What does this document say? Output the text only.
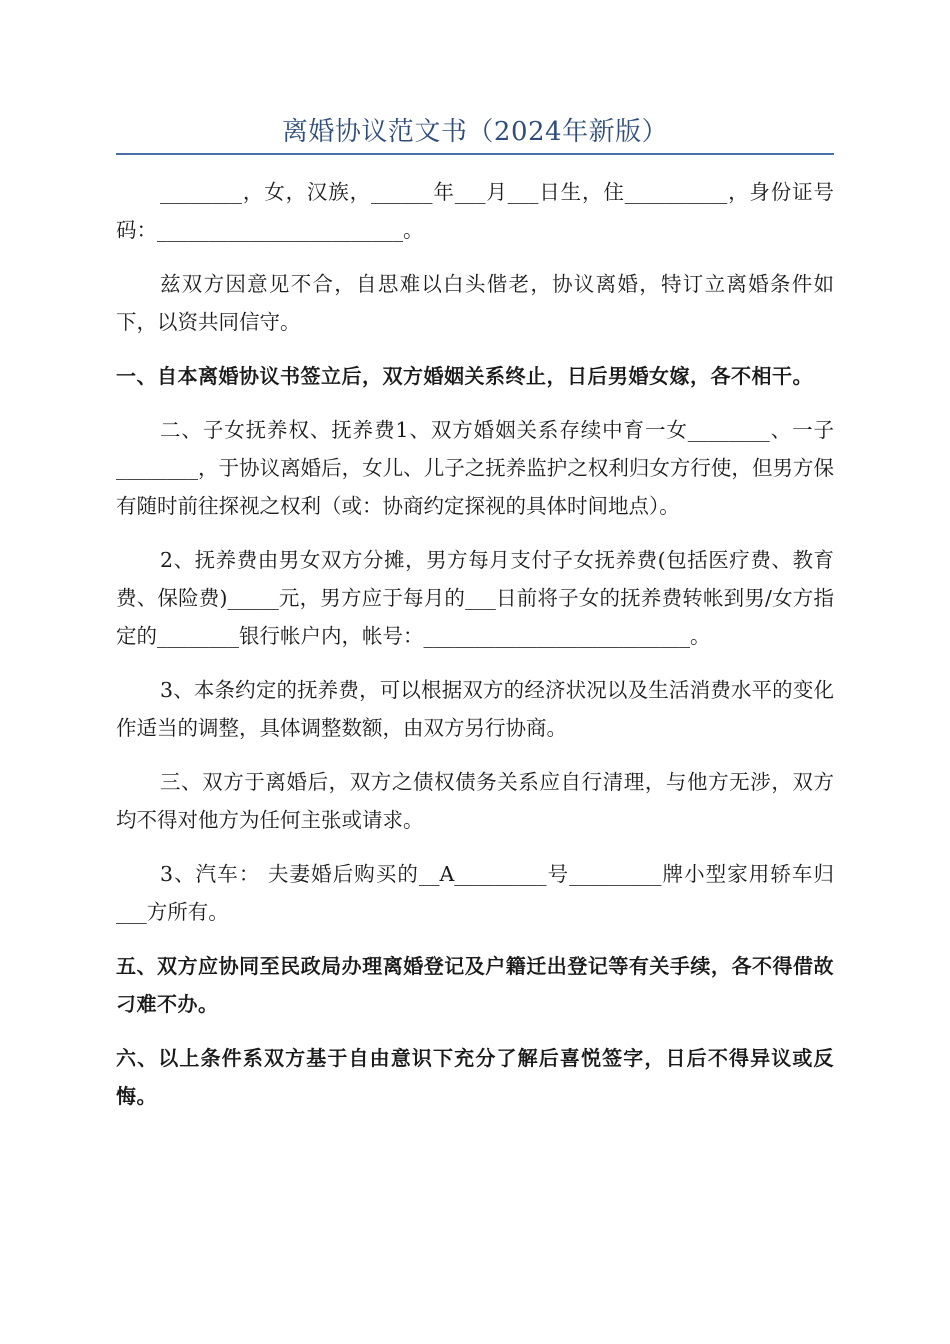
离婚协议范文书（2024年新版）

________，女，汉族，______年___月___日生，住__________，身份证号码：________________________。

兹双方因意见不合，自思难以白头偕老，协议离婚，特订立离婚条件如下，以资共同信守。

一、自本离婚协议书签立后，双方婚姻关系终止，日后男婚女嫁，各不相干。

二、子女抚养权、抚养费1、双方婚姻关系存续中育一女________、一子________，于协议离婚后，女儿、儿子之抚养监护之权利归女方行使，但男方保有随时前往探视之权利（或：协商约定探视的具体时间地点）。

2、抚养费由男女双方分摊，男方每月支付子女抚养费(包括医疗费、教育费、保险费)_____元，男方应于每月的___日前将子女的抚养费转帐到男/女方指定的________银行帐户内，帐号：__________________________。

3、本条约定的抚养费，可以根据双方的经济状况以及生活消费水平的变化作适当的调整，具体调整数额，由双方另行协商。

三、双方于离婚后，双方之债权债务关系应自行清理，与他方无涉，双方均不得对他方为任何主张或请求。

3、汽车： 夫妻婚后购买的__A_________号_________牌小型家用轿车归___方所有。

五、双方应协同至民政局办理离婚登记及户籍迁出登记等有关手续，各不得借故刁难不办。

六、以上条件系双方基于自由意识下充分了解后喜悦签字，日后不得异议或反悔。
